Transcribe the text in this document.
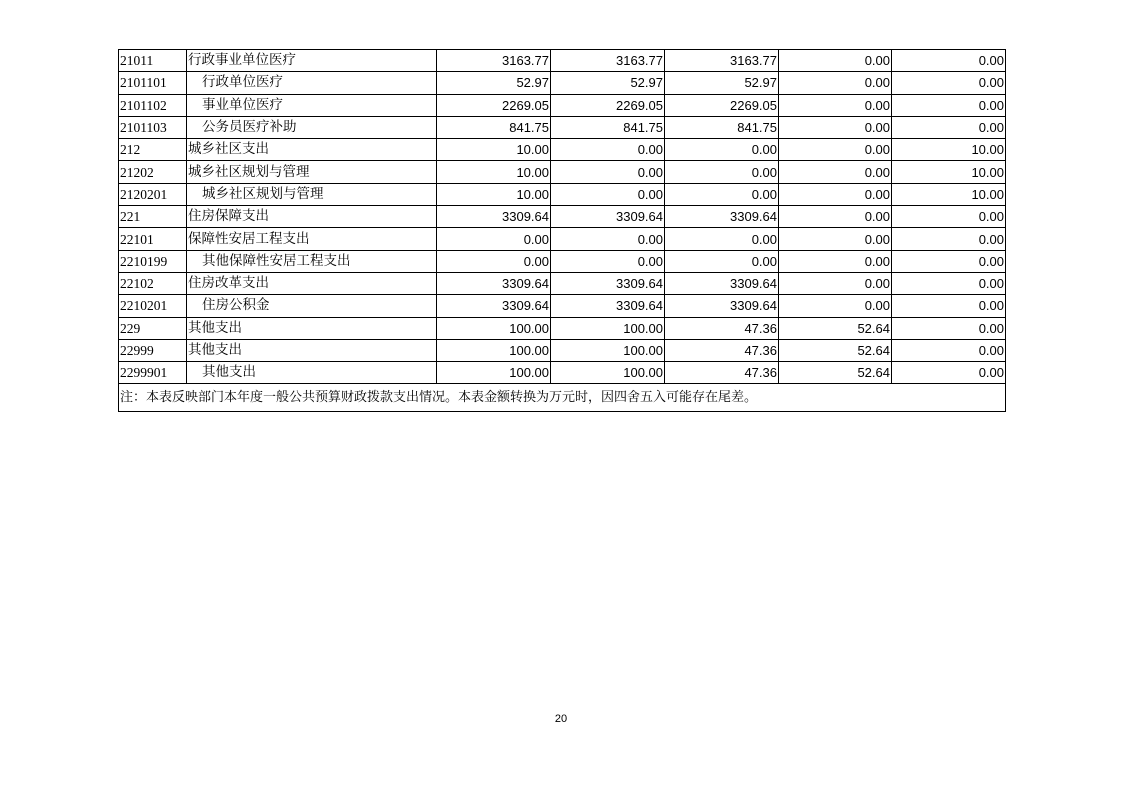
21011	行政事业单位医疗	3163.77	3163.77	3163.77	0.00	0.00
2101101	行政单位医疗	52.97	52.97	52.97	0.00	0.00
2101102	事业单位医疗	2269.05	2269.05	2269.05	0.00	0.00
2101103	公务员医疗补助	841.75	841.75	841.75	0.00	0.00
212	城乡社区支出	10.00	0.00	0.00	0.00	10.00
21202	城乡社区规划与管理	10.00	0.00	0.00	0.00	10.00
2120201	城乡社区规划与管理	10.00	0.00	0.00	0.00	10.00
221	住房保障支出	3309.64	3309.64	3309.64	0.00	0.00
22101	保障性安居工程支出	0.00	0.00	0.00	0.00	0.00
2210199	其他保障性安居工程支出	0.00	0.00	0.00	0.00	0.00
22102	住房改革支出	3309.64	3309.64	3309.64	0.00	0.00
2210201	住房公积金	3309.64	3309.64	3309.64	0.00	0.00
229	其他支出	100.00	100.00	47.36	52.64	0.00
22999	其他支出	100.00	100.00	47.36	52.64	0.00
2299901	其他支出	100.00	100.00	47.36	52.64	0.00
注：本表反映部门本年度一般公共预算财政拨款支出情况。本表金额转换为万元时，因四舍五入可能存在尾差。						
20
